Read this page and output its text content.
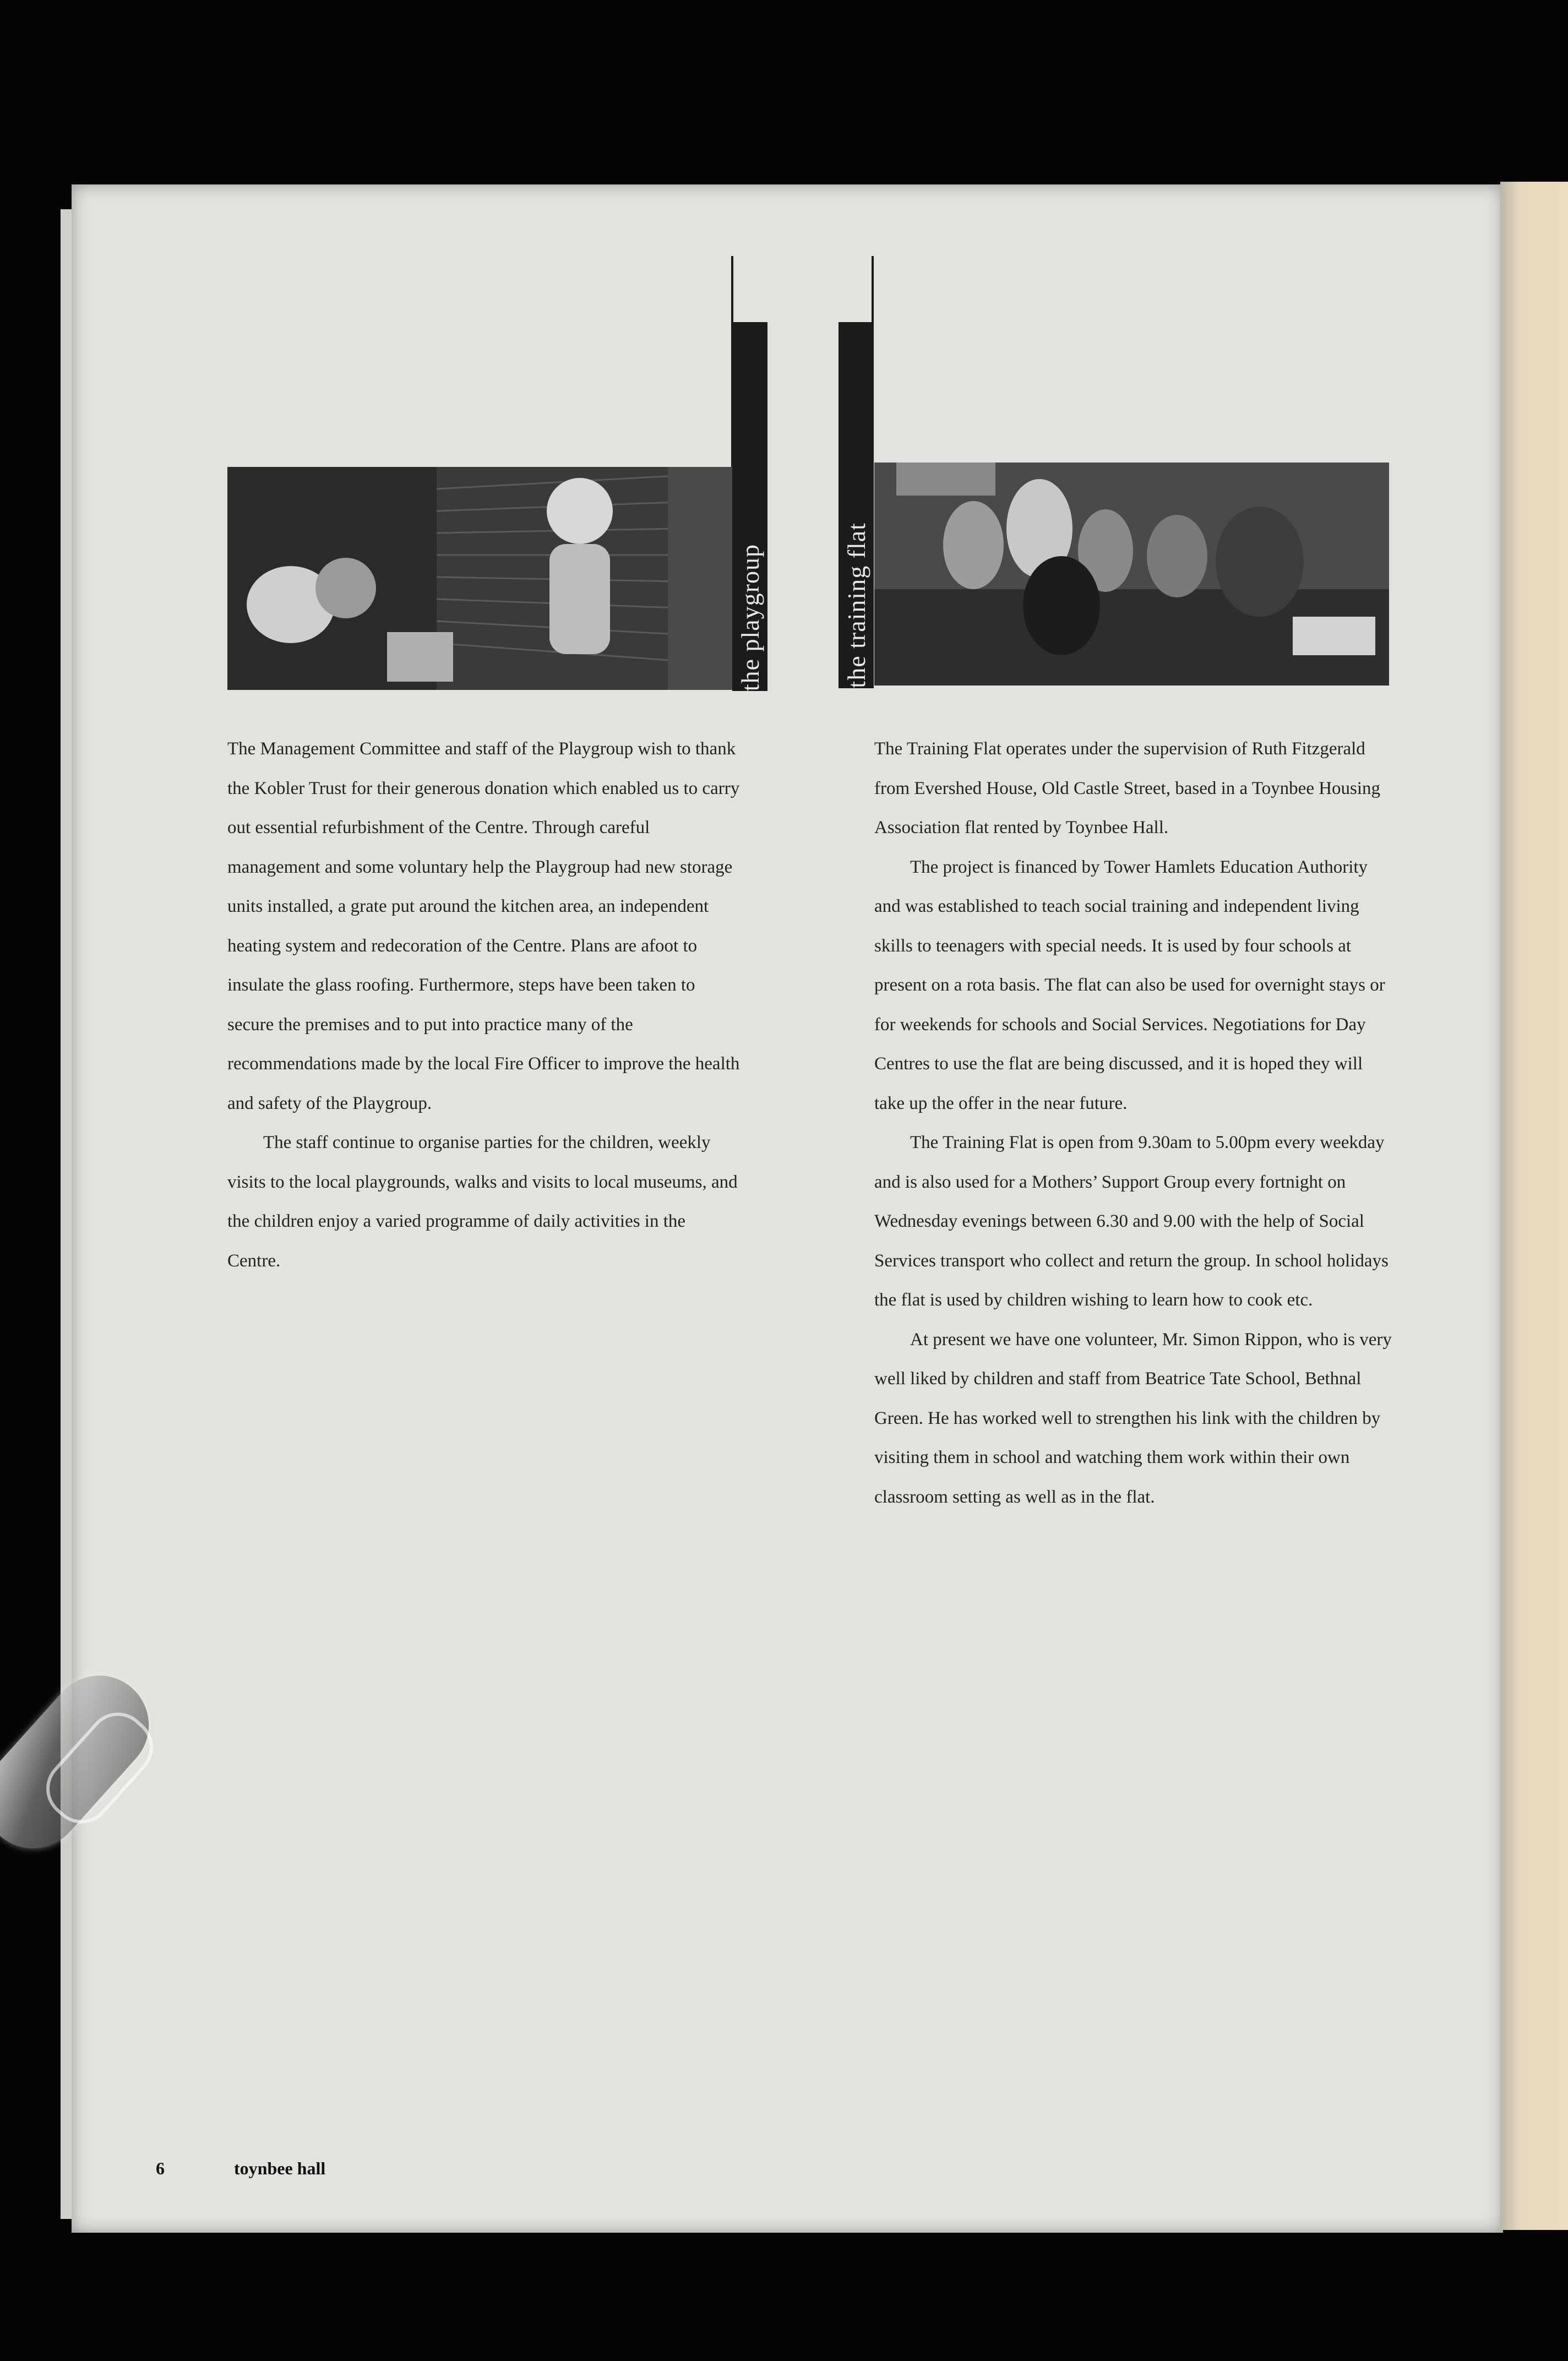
the playgroup	the training flat

The Management Committee and staff of the Playgroup wish to thank the Kobler Trust for their generous donation which enabled us to carry out essential refurbishment of the Centre. Through careful management and some voluntary help the Playgroup had new storage units installed, a grate put around the kitchen area, an independent heating system and redecoration of the Centre. Plans are afoot to insulate the glass roofing. Furthermore, steps have been taken to secure the premises and to put into practice many of the recommendations made by the local Fire Officer to improve the health and safety of the Playgroup.

The staff continue to organise parties for the children, weekly visits to the local playgrounds, walks and visits to local museums, and the children enjoy a varied programme of daily activities in the Centre.

The Training Flat operates under the supervision of Ruth Fitzgerald from Evershed House, Old Castle Street, based in a Toynbee Housing Association flat rented by Toynbee Hall.

The project is financed by Tower Hamlets Education Authority and was established to teach social training and independent living skills to teenagers with special needs. It is used by four schools at present on a rota basis. The flat can also be used for overnight stays or for weekends for schools and Social Services. Negotiations for Day Centres to use the flat are being discussed, and it is hoped they will take up the offer in the near future.

The Training Flat is open from 9.30am to 5.00pm every weekday and is also used for a Mothers’ Support Group every fortnight on Wednesday evenings between 6.30 and 9.00 with the help of Social Services transport who collect and return the group. In school holidays the flat is used by children wishing to learn how to cook etc.

At present we have one volunteer, Mr. Simon Rippon, who is very well liked by children and staff from Beatrice Tate School, Bethnal Green. He has worked well to strengthen his link with the children by visiting them in school and watching them work within their own classroom setting as well as in the flat.

6	toynbee hall
